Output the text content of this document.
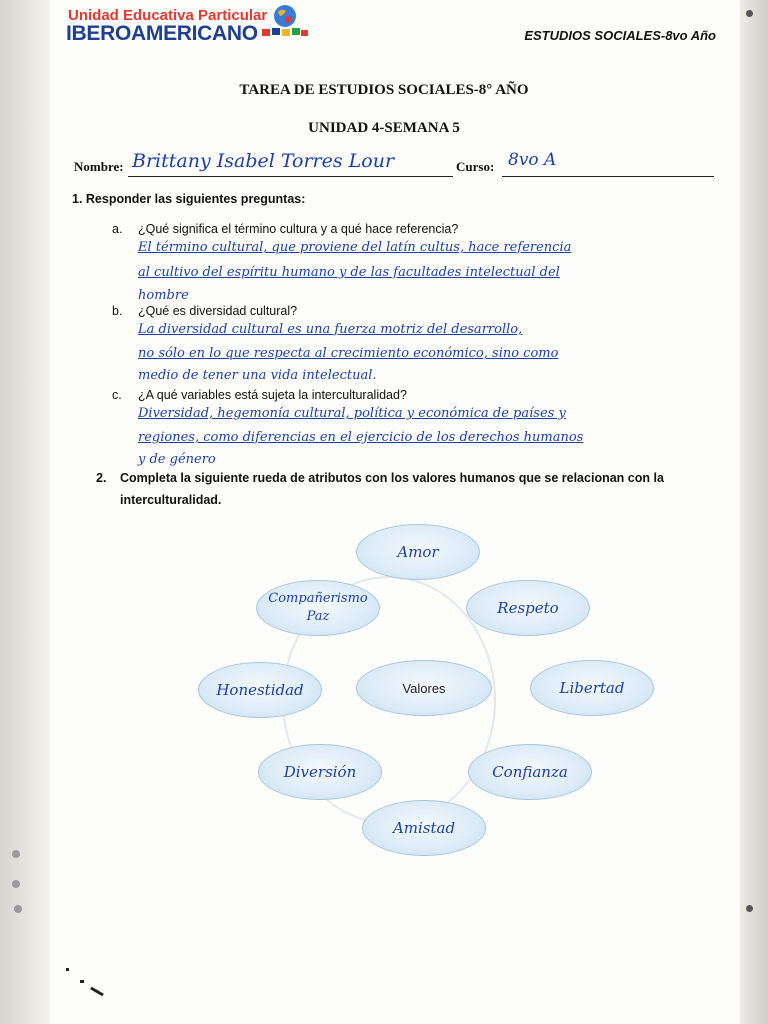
Unidad Educativa Particular
IBEROAMERICANO	ESTUDIOS SOCIALES-8vo Año
TAREA DE ESTUDIOS SOCIALES-8° AÑO
UNIDAD 4-SEMANA 5
Nombre: Brittany Isabel Torres Lour	Curso: 8vo A
1. Responder las siguientes preguntas:
a. ¿Qué significa el término cultura y a qué hace referencia?
El término cultural, que proviene del latín cultus, hace referencia
al cultivo del espíritu humano y de las facultades intelectual del
hombre
b. ¿Qué es diversidad cultural?
La diversidad cultural es una fuerza motriz del desarrollo,
no sólo en lo que respecta al crecimiento económico, sino como
medio de tener una vida intelectual.
c. ¿A qué variables está sujeta la interculturalidad?
Diversidad, hegemonía cultural, política y económica de países y
regiones, como diferencias en el ejercicio de los derechos humanos
y de género
2. Completa la siguiente rueda de atributos con los valores humanos que se relacionan con la
interculturalidad.
Amor
Compañerismo
Paz	Respeto
Honestidad	Valores	Libertad
Diversión	Confianza
Amistad
